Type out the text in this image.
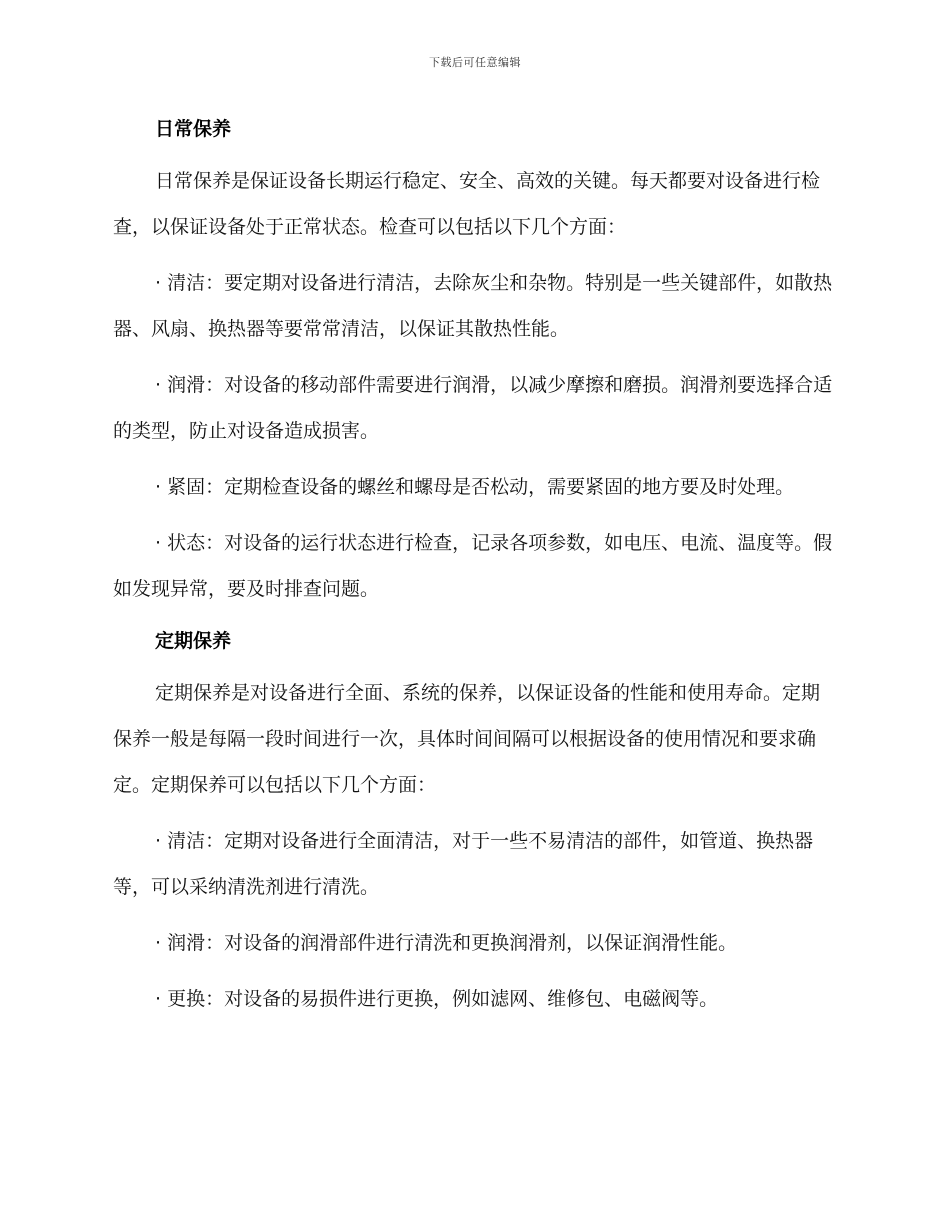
下载后可任意编辑
日常保养

日常保养是保证设备长期运行稳定、安全、高效的关键。每天都要对设备进行检查，以保证设备处于正常状态。检查可以包括以下几个方面：

· 清洁：要定期对设备进行清洁，去除灰尘和杂物。特别是一些关键部件，如散热器、风扇、换热器等要常常清洁，以保证其散热性能。

· 润滑：对设备的移动部件需要进行润滑，以减少摩擦和磨损。润滑剂要选择合适的类型，防止对设备造成损害。

· 紧固：定期检查设备的螺丝和螺母是否松动，需要紧固的地方要及时处理。

· 状态：对设备的运行状态进行检查，记录各项参数，如电压、电流、温度等。假如发现异常，要及时排查问题。

定期保养

定期保养是对设备进行全面、系统的保养，以保证设备的性能和使用寿命。定期保养一般是每隔一段时间进行一次，具体时间间隔可以根据设备的使用情况和要求确定。定期保养可以包括以下几个方面：

· 清洁：定期对设备进行全面清洁，对于一些不易清洁的部件，如管道、换热器等，可以采纳清洗剂进行清洗。

· 润滑：对设备的润滑部件进行清洗和更换润滑剂，以保证润滑性能。

· 更换：对设备的易损件进行更换，例如滤网、维修包、电磁阀等。
